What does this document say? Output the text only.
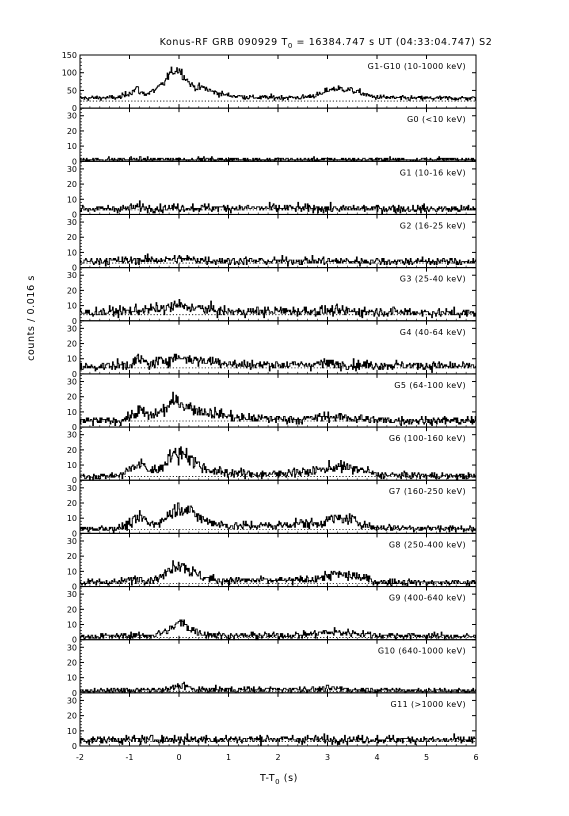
Konus-RF GRB 090929 $T_0 = 16384.747$ s UT (04:33:04.747) S2
counts / 0.016 s
$T-T_0$ (s)
0
50
100
150
G1-G10 (10-1000 keV)
0
10
20
30	G0 (<10 keV)
0
10
20
30	G1 (10-16 keV)
0
10
20
30	G2 (16-25 keV)
0
10
20
30	G3 (25-40 keV)
0
10
20
30	G4 (40-64 keV)
0
10
20
30	G5 (64-100 keV)
0
10
20
30	G6 (100-160 keV)
0
10
20
30	G7 (160-250 keV)
0
10
20
30	G8 (250-400 keV)
0
10
20
30	G9 (400-640 keV)
0
10
20
30	G10 (640-1000 keV)
0
10
20
30	G11 (>1000 keV)
-2	-1	0	1	2	3	4	5	6
